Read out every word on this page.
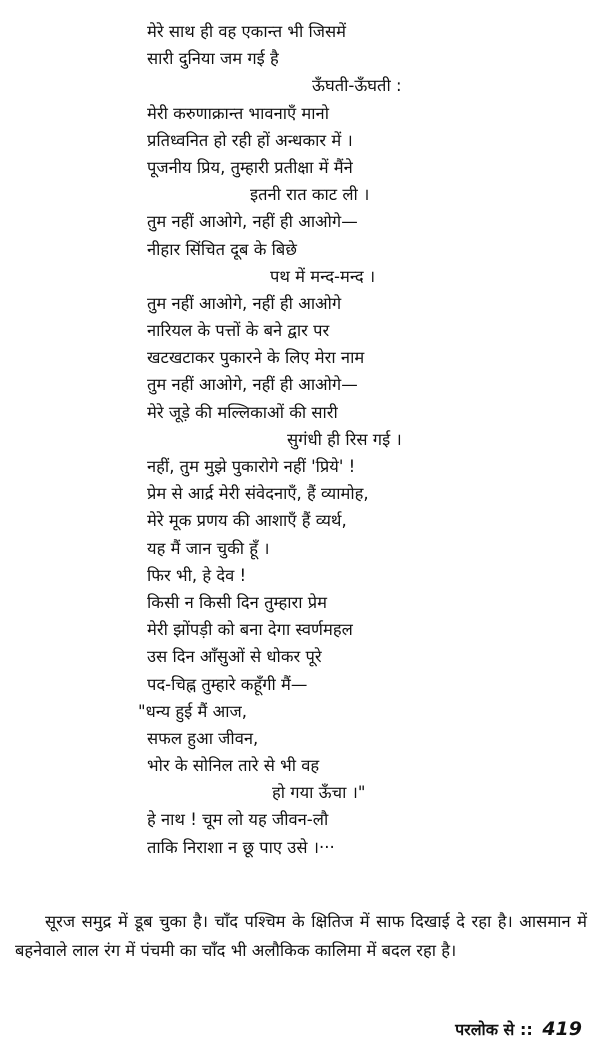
मेरे साथ ही वह एकान्त भी जिसमें
सारी दुनिया जम गई है
ऊँघती-ऊँघती :
मेरी करुणाक्रान्त भावनाएँ मानो
प्रतिध्वनित हो रही हों अन्धकार में ।
पूजनीय प्रिय, तुम्हारी प्रतीक्षा में मैंने
इतनी रात काट ली ।
तुम नहीं आओगे, नहीं ही आओगे—
नीहार सिंचित दूब के बिछे
पथ में मन्द-मन्द ।
तुम नहीं आओगे, नहीं ही आओगे
नारियल के पत्तों के बने द्वार पर
खटखटाकर पुकारने के लिए मेरा नाम
तुम नहीं आओगे, नहीं ही आओगे—
मेरे जूड़े की मल्लिकाओं की सारी
सुगंधी ही रिस गई ।
नहीं, तुम मुझे पुकारोगे नहीं 'प्रिये' !
प्रेम से आर्द्र मेरी संवेदनाएँ, हैं व्यामोह,
मेरे मूक प्रणय की आशाएँ हैं व्यर्थ,
यह मैं जान चुकी हूँ ।
फिर भी, हे देव !
किसी न किसी दिन तुम्हारा प्रेम
मेरी झोंपड़ी को बना देगा स्वर्णमहल
उस दिन आँसुओं से धोकर पूरे
पद-चिह्न तुम्हारे कहूँगी मैं—
"धन्य हुई मैं आज,
सफल हुआ जीवन,
भोर के सोनिल तारे से भी वह
हो गया ऊँचा ।"
हे नाथ ! चूम लो यह जीवन-लौ
ताकि निराशा न छू पाए उसे ।···

सूरज समुद्र में डूब चुका है। चाँद पश्चिम के क्षितिज में साफ दिखाई दे रहा है। आसमान में बहनेवाले लाल रंग में पंचमी का चाँद भी अलौकिक कालिमा में बदल रहा है।

परलोक से :: 419
